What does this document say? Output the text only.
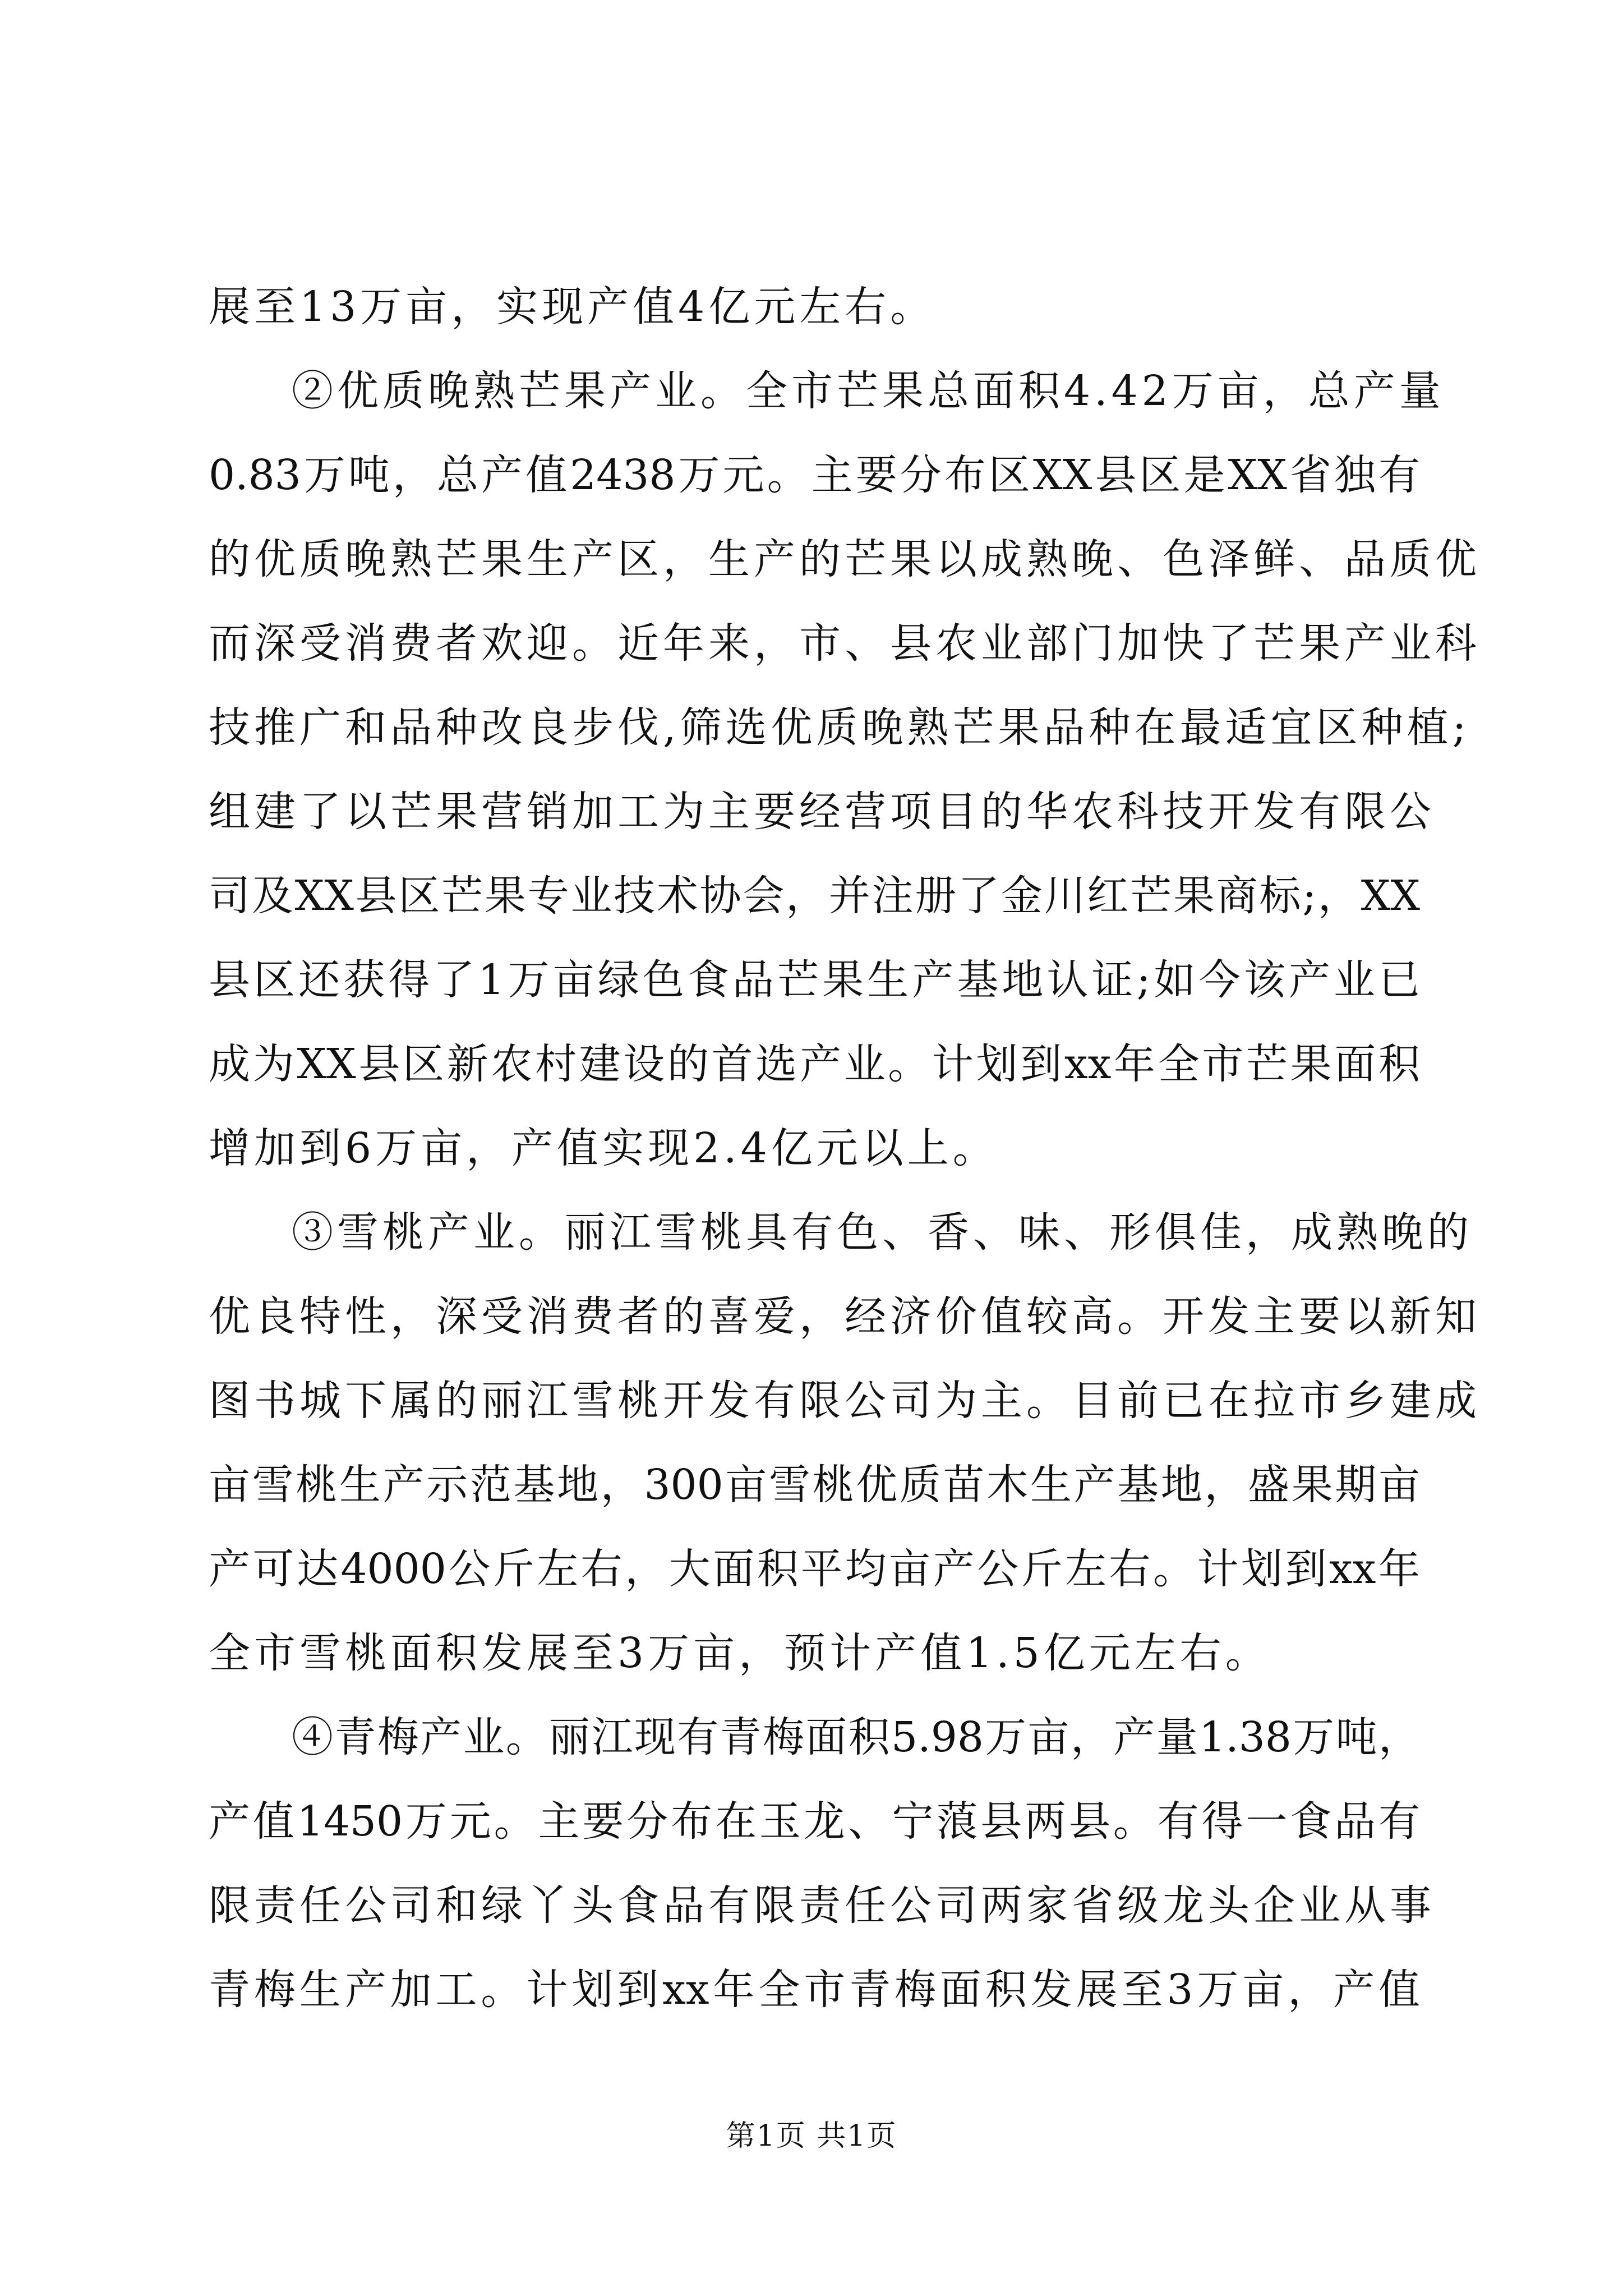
展至13万亩，实现产值4亿元左右。
②优质晚熟芒果产业。全市芒果总面积4.42万亩，总产量
0.83万吨，总产值2438万元。主要分布区XX县区是XX省独有
的优质晚熟芒果生产区，生产的芒果以成熟晚、色泽鲜、品质优
而深受消费者欢迎。近年来，市、县农业部门加快了芒果产业科
技推广和品种改良步伐,筛选优质晚熟芒果品种在最适宜区种植;
组建了以芒果营销加工为主要经营项目的华农科技开发有限公
司及XX县区芒果专业技术协会，并注册了金川红芒果商标;，XX
县区还获得了1万亩绿色食品芒果生产基地认证;如今该产业已
成为XX县区新农村建设的首选产业。计划到xx年全市芒果面积
增加到6万亩，产值实现2.4亿元以上。
③雪桃产业。丽江雪桃具有色、香、味、形俱佳，成熟晚的
优良特性，深受消费者的喜爱，经济价值较高。开发主要以新知
图书城下属的丽江雪桃开发有限公司为主。目前已在拉市乡建成
亩雪桃生产示范基地，300亩雪桃优质苗木生产基地，盛果期亩
产可达4000公斤左右，大面积平均亩产公斤左右。计划到xx年
全市雪桃面积发展至3万亩，预计产值1.5亿元左右。
④青梅产业。丽江现有青梅面积5.98万亩，产量1.38万吨，
产值1450万元。主要分布在玉龙、宁蒗县两县。有得一食品有
限责任公司和绿丫头食品有限责任公司两家省级龙头企业从事
青梅生产加工。计划到xx年全市青梅面积发展至3万亩，产值
第1页 共1页
